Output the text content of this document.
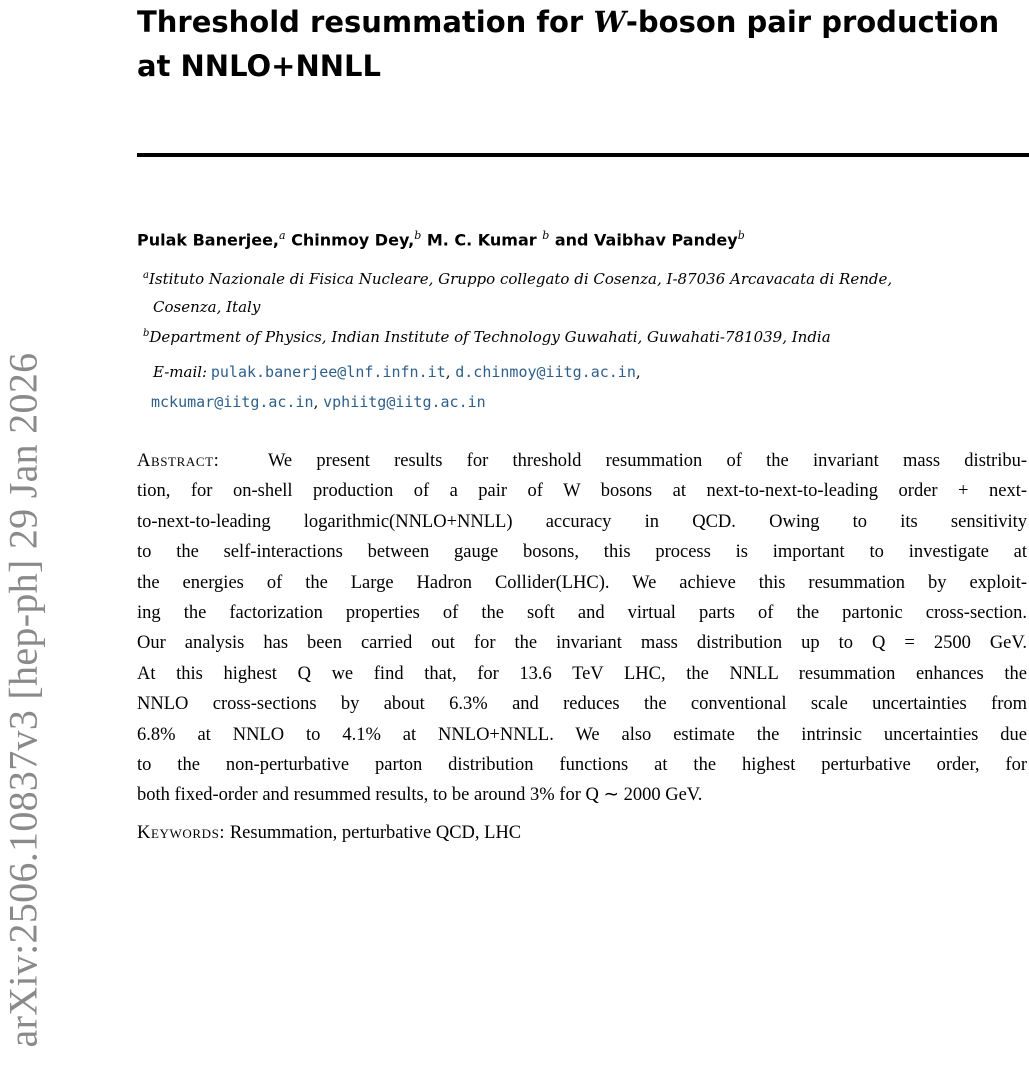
arXiv:2506.10837v3 [hep-ph] 29 Jan 2026
Threshold resummation for W-boson pair production
at NNLO+NNLL
Pulak Banerjee,$^a$ Chinmoy Dey,$^b$ M. C. Kumar $^b$ and Vaibhav Pandey$^b$
$^a$Istituto Nazionale di Fisica Nucleare, Gruppo collegato di Cosenza, I-87036 Arcavacata di Rende,
Cosenza, Italy
$^b$Department of Physics, Indian Institute of Technology Guwahati, Guwahati-781039, India
E-mail: pulak.banerjee@lnf.infn.it, d.chinmoy@iitg.ac.in,
mckumar@iitg.ac.in, vphiitg@iitg.ac.in
Abstract:	We present results for threshold resummation of the invariant mass distribu-
tion, for on-shell production of a pair of W bosons at next-to-next-to-leading order + next-
to-next-to-leading logarithmic(NNLO+NNLL) accuracy in QCD. Owing to its sensitivity
to the self-interactions between gauge bosons, this process is important to investigate at
the energies of the Large Hadron Collider(LHC). We achieve this resummation by exploit-
ing the factorization properties of the soft and virtual parts of the partonic cross-section.
Our analysis has been carried out for the invariant mass distribution up to Q = 2500 GeV.
At this highest Q we find that, for 13.6 TeV LHC, the NNLL resummation enhances the
NNLO cross-sections by about 6.3% and reduces the conventional scale uncertainties from
6.8% at NNLO to 4.1% at NNLO+NNLL. We also estimate the intrinsic uncertainties due
to the non-perturbative parton distribution functions at the highest perturbative order, for
both fixed-order and resummed results, to be around 3% for Q ∼ 2000 GeV.
Keywords: Resummation, perturbative QCD, LHC
